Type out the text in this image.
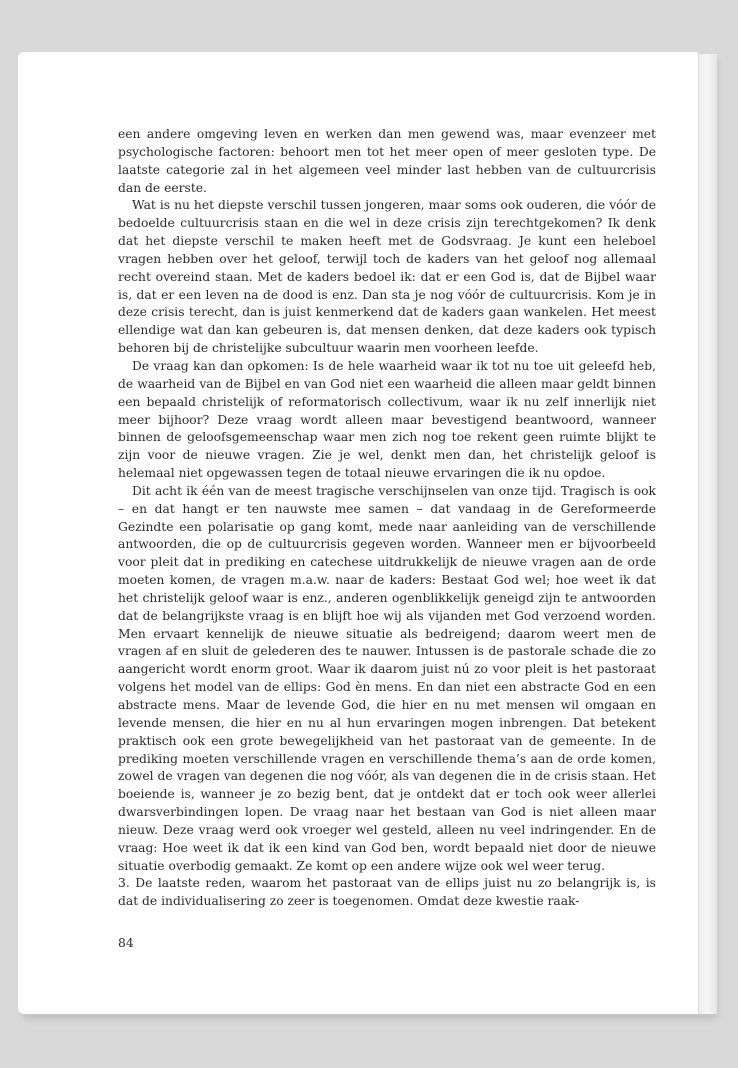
een andere omgeving leven en werken dan men gewend was, maar evenzeer met psychologische factoren: behoort men tot het meer open of meer gesloten type. De laatste categorie zal in het algemeen veel minder last hebben van de cultuurcrisis dan de eerste.

Wat is nu het diepste verschil tussen jongeren, maar soms ook ouderen, die vóór de bedoelde cultuurcrisis staan en die wel in deze crisis zijn terechtgekomen? Ik denk dat het diepste verschil te maken heeft met de Godsvraag. Je kunt een heleboel vragen hebben over het geloof, terwijl toch de kaders van het geloof nog allemaal recht overeind staan. Met de kaders bedoel ik: dat er een God is, dat de Bijbel waar is, dat er een leven na de dood is enz. Dan sta je nog vóór de cultuurcrisis. Kom je in deze crisis terecht, dan is juist kenmerkend dat de kaders gaan wankelen. Het meest ellendige wat dan kan gebeuren is, dat mensen denken, dat deze kaders ook typisch behoren bij de christelijke subcultuur waarin men voorheen leefde.

De vraag kan dan opkomen: Is de hele waarheid waar ik tot nu toe uit geleefd heb, de waarheid van de Bijbel en van God niet een waarheid die alleen maar geldt binnen een bepaald christelijk of reformatorisch collectivum, waar ik nu zelf innerlijk niet meer bijhoor? Deze vraag wordt alleen maar bevestigend beantwoord, wanneer binnen de geloofsgemeenschap waar men zich nog toe rekent geen ruimte blijkt te zijn voor de nieuwe vragen. Zie je wel, denkt men dan, het christelijk geloof is helemaal niet opgewassen tegen de totaal nieuwe ervaringen die ik nu opdoe.

Dit acht ik één van de meest tragische verschijnselen van onze tijd. Tragisch is ook – en dat hangt er ten nauwste mee samen – dat vandaag in de Gereformeerde Gezindte een polarisatie op gang komt, mede naar aanleiding van de verschillende antwoorden, die op de cultuurcrisis gegeven worden. Wanneer men er bijvoorbeeld voor pleit dat in prediking en catechese uitdrukkelijk de nieuwe vragen aan de orde moeten komen, de vragen m.a.w. naar de kaders: Bestaat God wel; hoe weet ik dat het christelijk geloof waar is enz., anderen ogenblikkelijk geneigd zijn te antwoorden dat de belangrijkste vraag is en blijft hoe wij als vijanden met God verzoend worden. Men ervaart kennelijk de nieuwe situatie als bedreigend; daarom weert men de vragen af en sluit de gelederen des te nauwer. Intussen is de pastorale schade die zo aangericht wordt enorm groot. Waar ik daarom juist nú zo voor pleit is het pastoraat volgens het model van de ellips: God èn mens. En dan niet een abstracte God en een abstracte mens. Maar de levende God, die hier en nu met mensen wil omgaan en levende mensen, die hier en nu al hun ervaringen mogen inbrengen. Dat betekent praktisch ook een grote bewegelijkheid van het pastoraat van de gemeente. In de prediking moeten verschillende vragen en verschillende thema’s aan de orde komen, zowel de vragen van degenen die nog vóór, als van degenen die in de crisis staan. Het boeiende is, wanneer je zo bezig bent, dat je ontdekt dat er toch ook weer allerlei dwarsverbindingen lopen. De vraag naar het bestaan van God is niet alleen maar nieuw. Deze vraag werd ook vroeger wel gesteld, alleen nu veel indringender. En de vraag: Hoe weet ik dat ik een kind van God ben, wordt bepaald niet door de nieuwe situatie overbodig gemaakt. Ze komt op een andere wijze ook wel weer terug.

3. De laatste reden, waarom het pastoraat van de ellips juist nu zo belangrijk is, is dat de individualisering zo zeer is toegenomen. Omdat deze kwestie raak-

84
